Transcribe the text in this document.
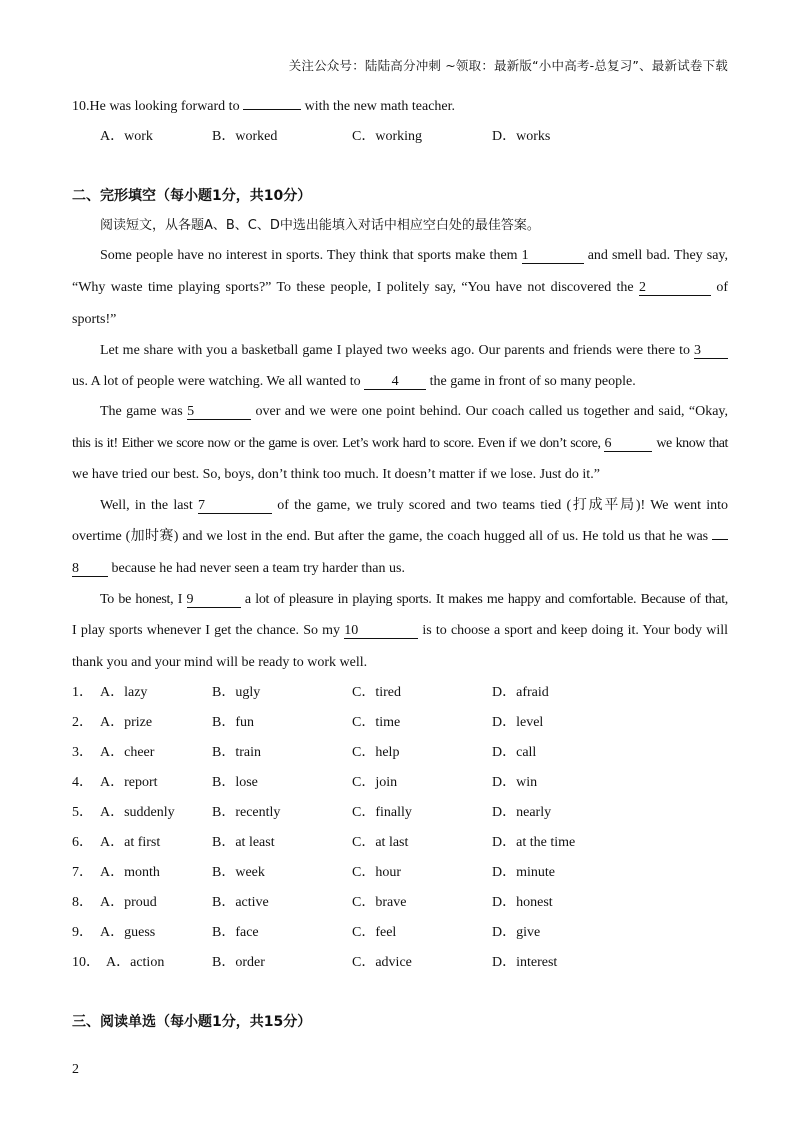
关注公众号：陆陆高分冲刺 ~领取：最新版“小中高考-总复习”、最新试卷下载
10.He was looking forward to	with the new math teacher.
A．work	B．worked	C．working	D．works
二、完形填空（每小题1分，共10分）
阅读短文，从各题A、B、C、D中选出能填入对话中相应空白处的最佳答案。
Some people have no interest in sports. They think that sports make them 1	and smell bad. They say,
“Why waste time playing sports?” To these people, I politely say, “You have not discovered the 2	of
sports!”
Let me share with you a basketball game I played two weeks ago. Our parents and friends were there to 3
us. A lot of people were watching. We all wanted to 4 the game in front of so many people.
The game was 5	over and we were one point behind. Our coach called us together and said, “Okay,
this is it! Either we score now or the game is over. Let’s work hard to score. Even if we don’t score, 6	we know that
we have tried our best. So, boys, don’t think too much. It doesn’t matter if we lose. Just do it.”
Well, in the last 7	of the game, we truly scored and two teams tied (打成平局)! We went into
overtime (加时赛) and we lost in the end. But after the game, the coach hugged all of us. He told us that he was
8 because he had never seen a team try harder than us.
To be honest, I 9	a lot of pleasure in playing sports. It makes me happy and comfortable. Because of that,
I play sports whenever I get the chance. So my 10	is to choose a sport and keep doing it. Your body will
thank you and your mind will be ready to work well.
1． A．lazy	B．ugly	C．tired	D．afraid
2． A．prize	B．fun	C．time	D．level
3． A．cheer	B．train	C．help	D．call
4． A．report	B．lose	C．join	D．win
5． A．suddenly	B．recently	C．finally	D．nearly
6． A．at first	B．at least	C．at last	D．at the time
7． A．month	B．week	C．hour	D．minute
8． A．proud	B．active	C．brave	D．honest
9． A．guess	B．face	C．feel	D．give
10． A．action	B．order	C．advice	D．interest
三、阅读单选（每小题1分，共15分）
2
